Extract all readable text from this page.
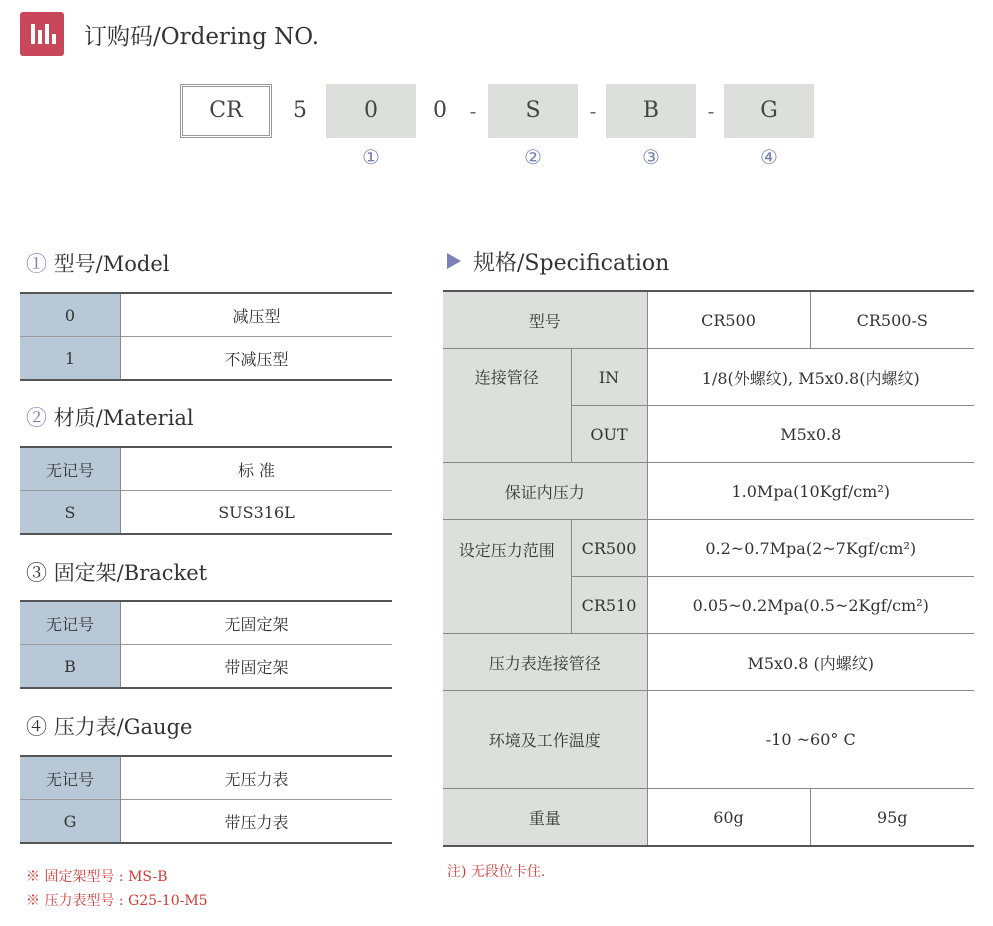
订购码/Ordering NO.
CR	5	0	0	-	S	-	B	-	G
①	②	③	④
① 型号/Model
0	减压型
1	不减压型
② 材质/Material
无记号	标 准
S	SUS316L
③ 固定架/Bracket
无记号	无固定架
B	带固定架
④ 压力表/Gauge
无记号	无压力表
G	带压力表
※ 固定架型号 : MS-B
※ 压力表型号 : G25-10-M5
规格/Specification
型号		CR500	CR500-S
连接管径	IN	1/8(外螺纹), M5x0.8(内螺纹)	
	OUT	M5x0.8	
保证内压力		1.0Mpa(10Kgf/cm²)	
设定压力范围	CR500	0.2~0.7Mpa(2~7Kgf/cm²)	
	CR510	0.05~0.2Mpa(0.5~2Kgf/cm²)	
压力表连接管径		M5x0.8 (内螺纹)	
环境及工作温度		-10 ~60° C	
重量		60g	95g
注) 无段位卡住.
